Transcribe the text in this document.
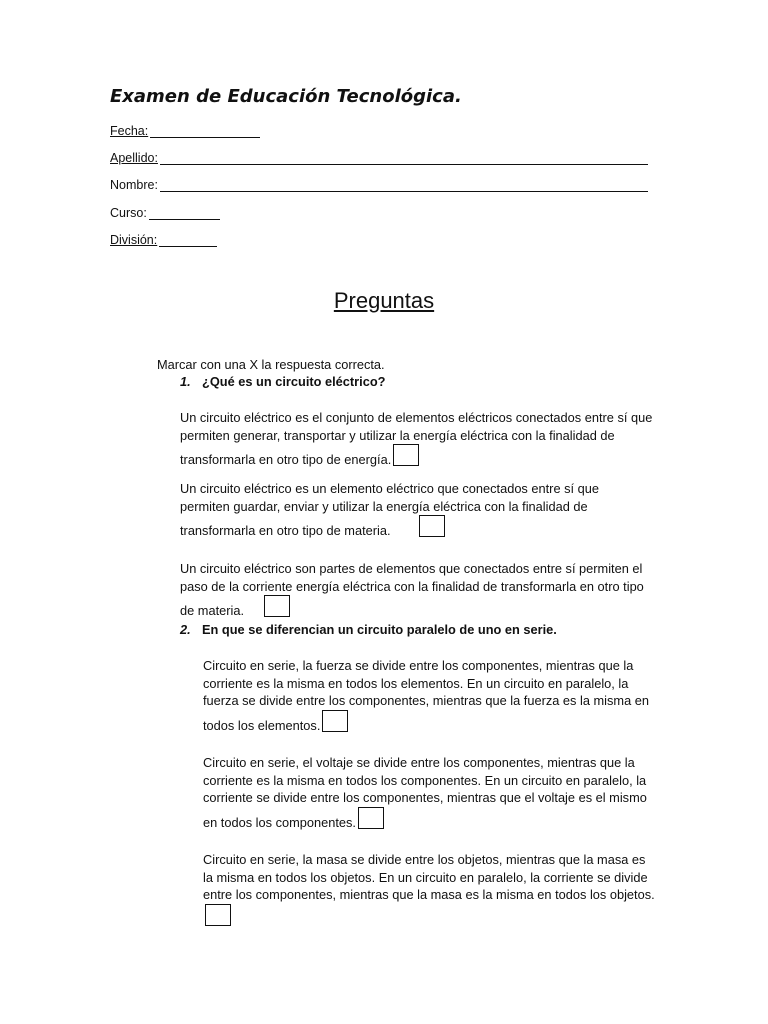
Examen de Educación Tecnológica.
Fecha:
Apellido:
Nombre:
Curso:
División:
Preguntas
Marcar con una X la respuesta correcta.
1. ¿Qué es un circuito eléctrico?
Un circuito eléctrico es el conjunto de elementos eléctricos conectados entre sí que permiten generar, transportar y utilizar la energía eléctrica con la finalidad de transformarla en otro tipo de energía.
Un circuito eléctrico es un elemento eléctrico que conectados entre sí que permiten guardar, enviar y utilizar la energía eléctrica con la finalidad de transformarla en otro tipo de materia.
Un circuito eléctrico son partes de elementos que conectados entre sí permiten el paso de la corriente energía eléctrica con la finalidad de transformarla en otro tipo de materia.
2. En que se diferencian un circuito paralelo de uno en serie.
Circuito en serie, la fuerza se divide entre los componentes, mientras que la corriente es la misma en todos los elementos. En un circuito en paralelo, la fuerza se divide entre los componentes, mientras que la fuerza es la misma en todos los elementos.
Circuito en serie, el voltaje se divide entre los componentes, mientras que la corriente es la misma en todos los componentes. En un circuito en paralelo, la corriente se divide entre los componentes, mientras que el voltaje es el mismo en todos los componentes.
Circuito en serie, la masa se divide entre los objetos, mientras que la masa es la misma en todos los objetos. En un circuito en paralelo, la corriente se divide entre los componentes, mientras que la masa es la misma en todos los objetos.
